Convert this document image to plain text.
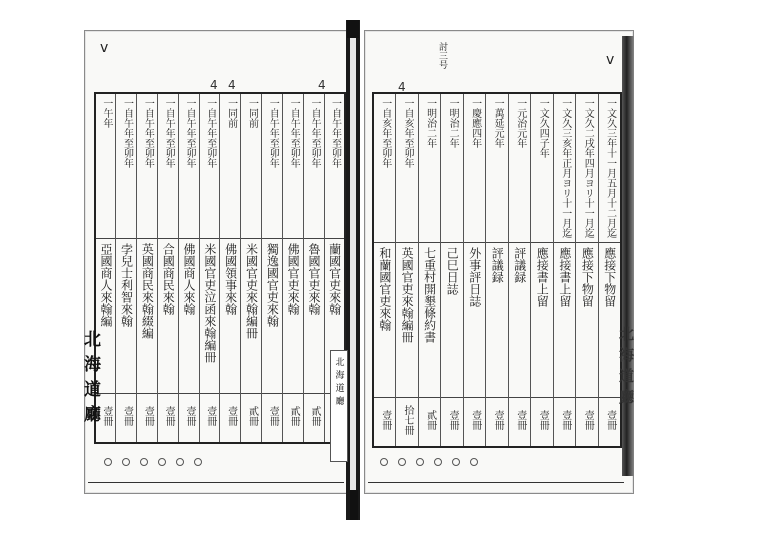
v
v
討三号
4 4	4	4
一午年	一自午年至卯年	一自午年至卯年	一自午年至卯年	一自午年至卯年	一自午年至卯年	一同前	一同前	一自午年至卯年	一自午年至卯年	一自午年至卯年	一自午年至卯年
亞國商人來翰編	孛兒士利智來翰	英國商民來翰綴編	合國商民來翰	佛國商人來翰	米國官吏泣函來翰編冊	佛國領事來翰	米國官吏來翰編冊	獨逸國官吏來翰	佛國官吏來翰	魯國官吏來翰	蘭國官吏來翰
壹冊	壹冊	壹冊	壹冊	壹冊	壹冊	壹冊	貳冊	壹冊	貳冊	貳冊	
一自亥年至卯年	一自亥年至卯年	一明治二年	一明治二年	一慶應四年	一萬延元年	一元治元年	一文久四子年	一文久三亥年正月ヨリ十一月迄	一文久二戌年四月ヨリ十一月迄	一文久三年十一月五月十二月迄
和蘭國官吏來翰	英國官吏來翰編冊	七重村開墾條約書	己巳日誌	外事評日誌	評議録	評議録	應接書上留	應接書上留	應接下物留	應接下物留
壹冊	拾七冊	貳冊	壹冊	壹冊	壹冊	壹冊	壹冊	壹冊	壹冊	壹冊
北海道廳
北海道廳	北海道廳
